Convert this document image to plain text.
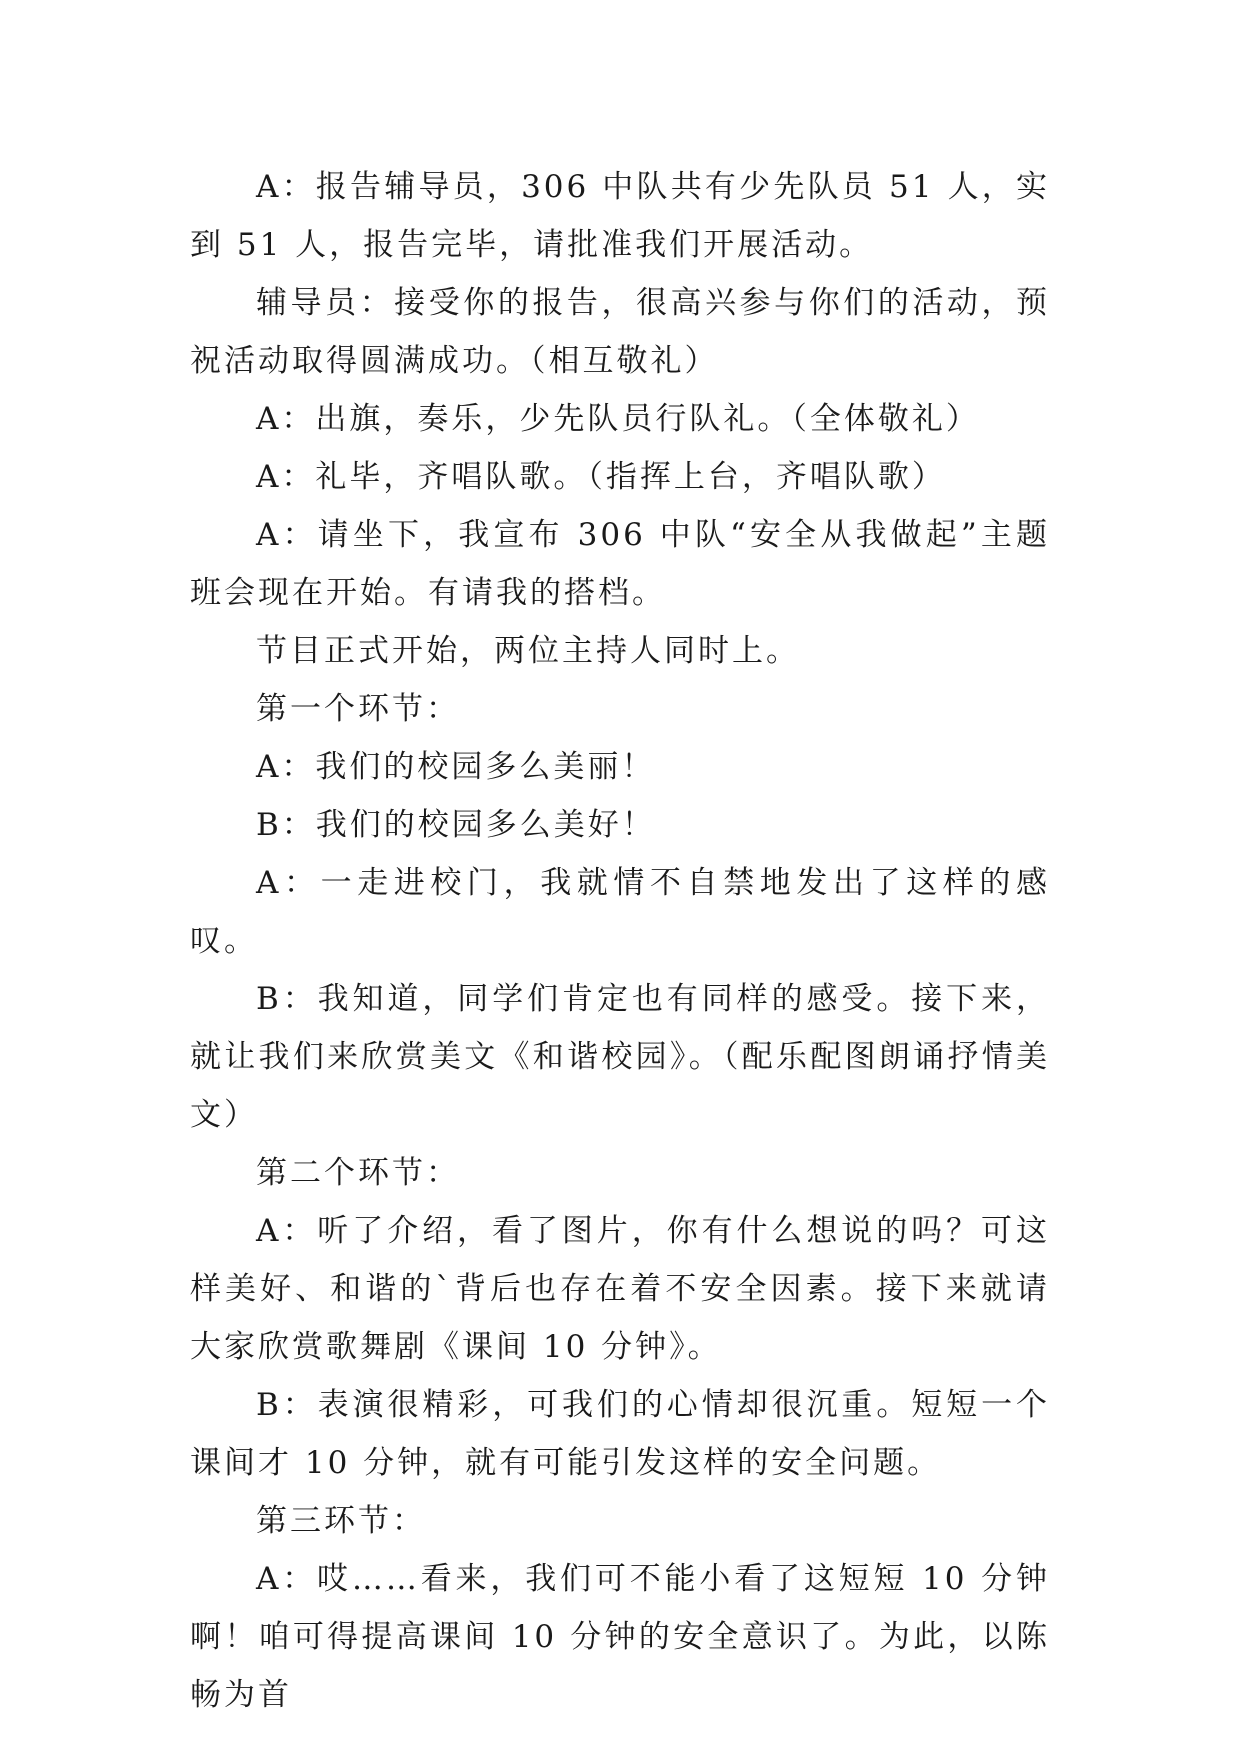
A：报告辅导员，306 中队共有少先队员 51 人，实到 51 人，报告完毕，请批准我们开展活动。

辅导员：接受你的报告，很高兴参与你们的活动，预祝活动取得圆满成功。（相互敬礼）

A：出旗，奏乐，少先队员行队礼。（全体敬礼）

A：礼毕，齐唱队歌。（指挥上台，齐唱队歌）

A：请坐下，我宣布 306 中队“安全从我做起”主题班会现在开始。有请我的搭档。

节目正式开始，两位主持人同时上。

第一个环节：

A：我们的校园多么美丽！

B：我们的校园多么美好！

A：一走进校门，我就情不自禁地发出了这样的感叹。

B：我知道，同学们肯定也有同样的感受。接下来，就让我们来欣赏美文《和谐校园》。（配乐配图朗诵抒情美文）

第二个环节：

A：听了介绍，看了图片，你有什么想说的吗？可这样美好、和谐的`背后也存在着不安全因素。接下来就请大家欣赏歌舞剧《课间 10 分钟》。

B：表演很精彩，可我们的心情却很沉重。短短一个课间才 10 分钟，就有可能引发这样的安全问题。

第三环节：

A：哎……看来，我们可不能小看了这短短 10 分钟啊！咱可得提高课间 10 分钟的安全意识了。为此，以陈畅为首
